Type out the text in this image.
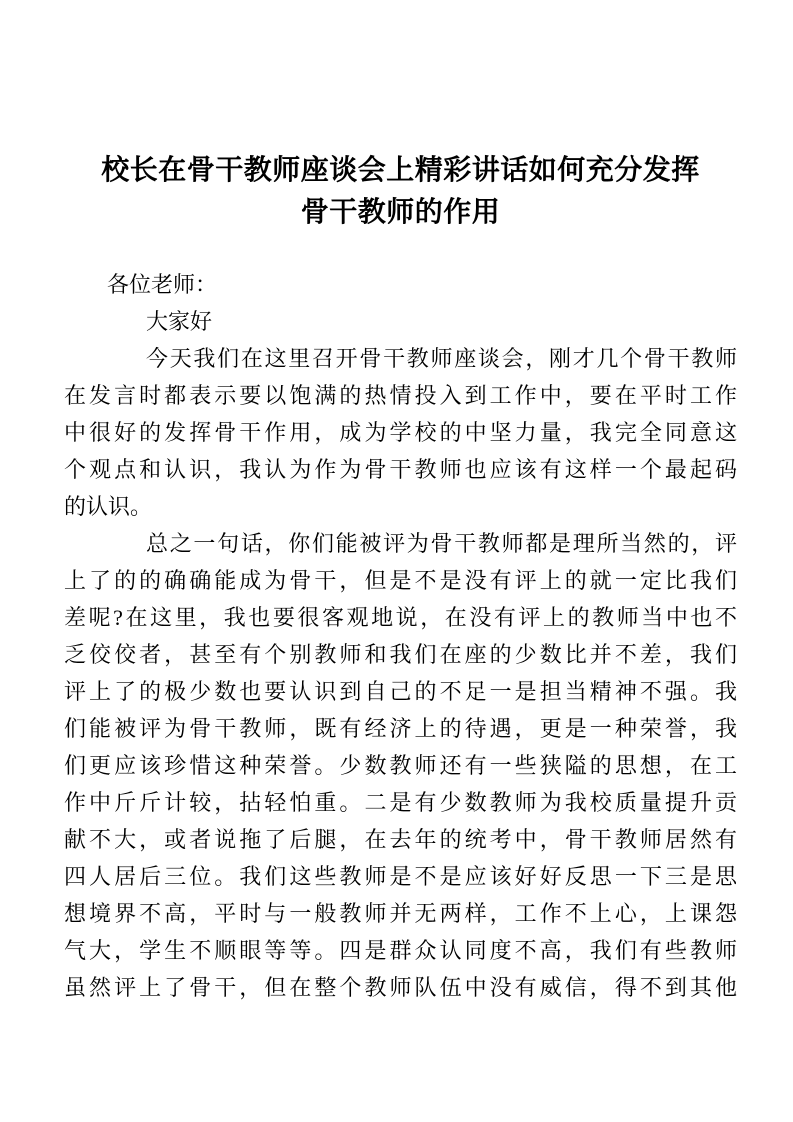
校长在骨干教师座谈会上精彩讲话如何充分发挥
骨干教师的作用
各位老师：
大家好
今天我们在这里召开骨干教师座谈会，刚才几个骨干教师
在发言时都表示要以饱满的热情投入到工作中，要在平时工作
中很好的发挥骨干作用，成为学校的中坚力量，我完全同意这
个观点和认识，我认为作为骨干教师也应该有这样一个最起码
的认识。
总之一句话，你们能被评为骨干教师都是理所当然的，评
上了的的确确能成为骨干，但是不是没有评上的就一定比我们
差呢?在这里，我也要很客观地说，在没有评上的教师当中也不
乏佼佼者，甚至有个别教师和我们在座的少数比并不差，我们
评上了的极少数也要认识到自己的不足一是担当精神不强。我
们能被评为骨干教师，既有经济上的待遇，更是一种荣誉，我
们更应该珍惜这种荣誉。少数教师还有一些狭隘的思想，在工
作中斤斤计较，拈轻怕重。二是有少数教师为我校质量提升贡
献不大，或者说拖了后腿，在去年的统考中，骨干教师居然有
四人居后三位。我们这些教师是不是应该好好反思一下三是思
想境界不高，平时与一般教师并无两样，工作不上心，上课怨
气大，学生不顺眼等等。四是群众认同度不高，我们有些教师
虽然评上了骨干，但在整个教师队伍中没有威信，得不到其他
